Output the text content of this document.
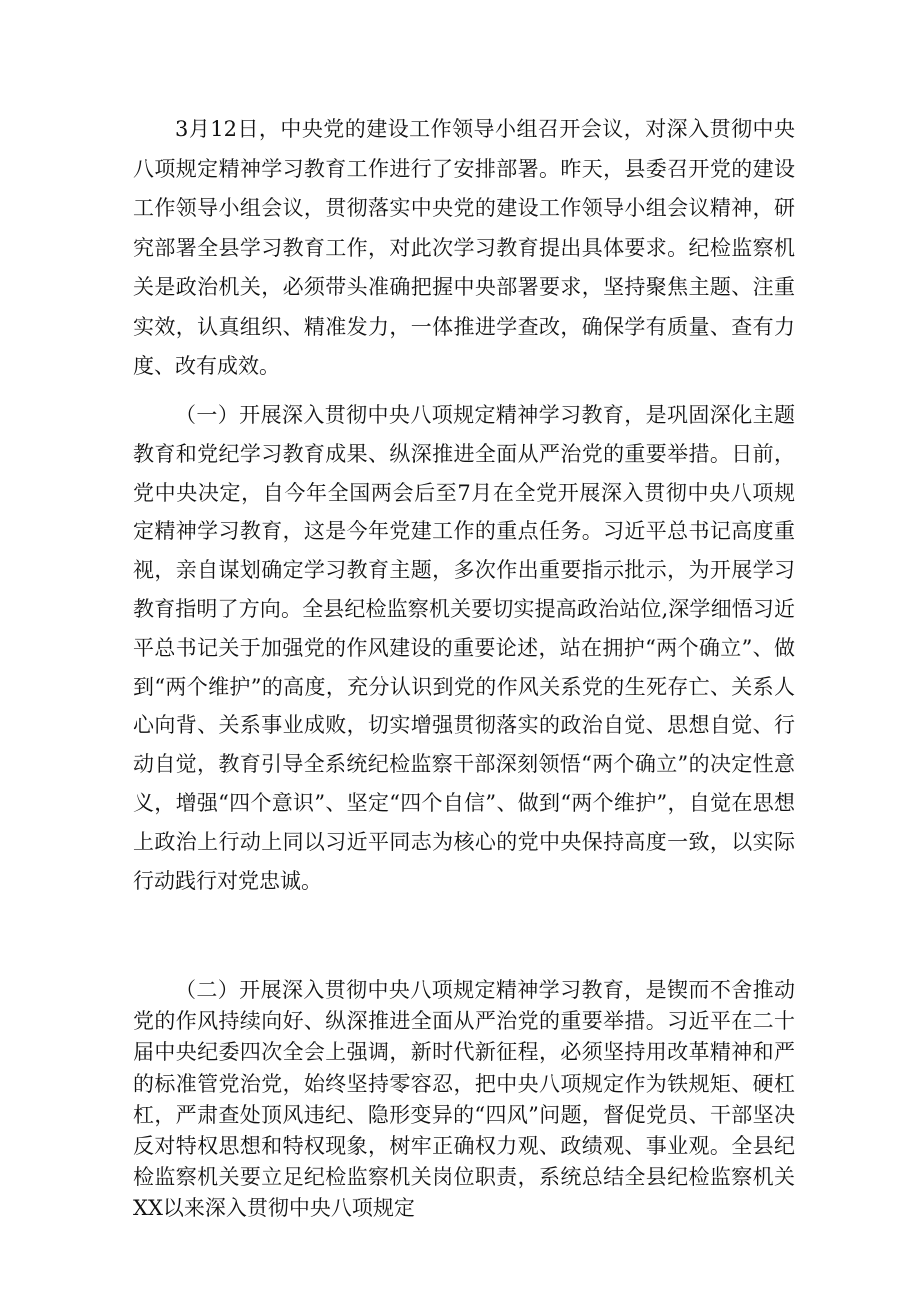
3月12日，中央党的建设工作领导小组召开会议，对深入贯彻中央八项规定精神学习教育工作进行了安排部署。昨天，县委召开党的建设工作领导小组会议，贯彻落实中央党的建设工作领导小组会议精神，研究部署全县学习教育工作，对此次学习教育提出具体要求。纪检监察机关是政治机关，必须带头准确把握中央部署要求，坚持聚焦主题、注重实效，认真组织、精准发力，一体推进学查改，确保学有质量、查有力度、改有成效。

（一）开展深入贯彻中央八项规定精神学习教育，是巩固深化主题教育和党纪学习教育成果、纵深推进全面从严治党的重要举措。日前，党中央决定，自今年全国两会后至7月在全党开展深入贯彻中央八项规定精神学习教育，这是今年党建工作的重点任务。习近平总书记高度重视，亲自谋划确定学习教育主题，多次作出重要指示批示，为开展学习教育指明了方向。全县纪检监察机关要切实提高政治站位,深学细悟习近平总书记关于加强党的作风建设的重要论述，站在拥护“两个确立”、做到“两个维护”的高度，充分认识到党的作风关系党的生死存亡、关系人心向背、关系事业成败，切实增强贯彻落实的政治自觉、思想自觉、行动自觉，教育引导全系统纪检监察干部深刻领悟“两个确立”的决定性意义，增强“四个意识”、坚定“四个自信”、做到“两个维护”，自觉在思想上政治上行动上同以习近平同志为核心的党中央保持高度一致，以实际行动践行对党忠诚。

（二）开展深入贯彻中央八项规定精神学习教育，是锲而不舍推动党的作风持续向好、纵深推进全面从严治党的重要举措。习近平在二十届中央纪委四次全会上强调，新时代新征程，必须坚持用改革精神和严的标准管党治党，始终坚持零容忍，把中央八项规定作为铁规矩、硬杠杠，严肃查处顶风违纪、隐形变异的“四风”问题，督促党员、干部坚决反对特权思想和特权现象，树牢正确权力观、政绩观、事业观。全县纪检监察机关要立足纪检监察机关岗位职责，系统总结全县纪检监察机关XX以来深入贯彻中央八项规定
